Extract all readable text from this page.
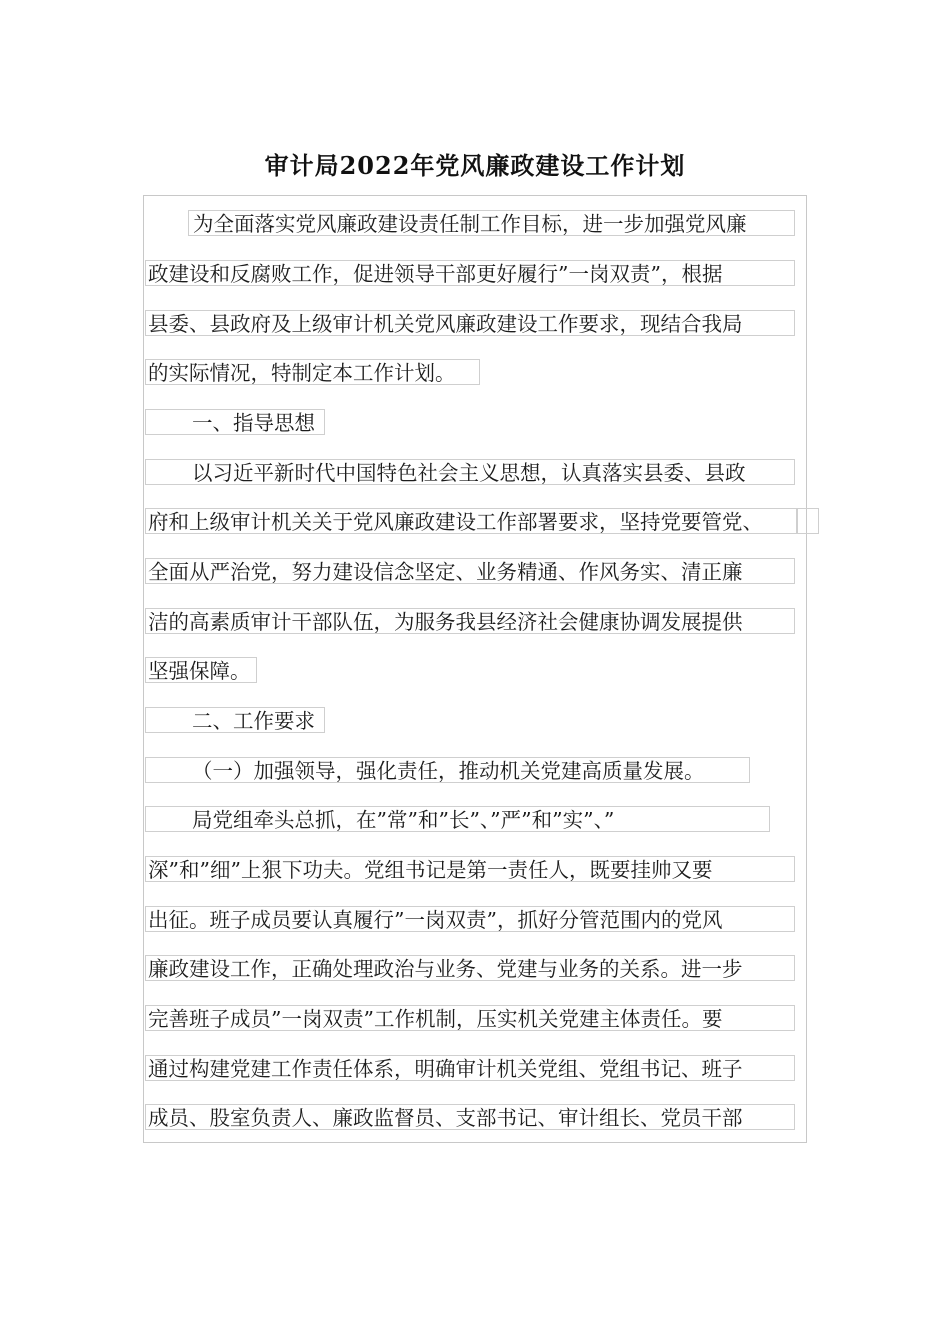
审计局2022年党风廉政建设工作计划
为全面落实党风廉政建设责任制工作目标，进一步加强党风廉
政建设和反腐败工作，促进领导干部更好履行”一岗双责”，根据
县委、县政府及上级审计机关党风廉政建设工作要求，现结合我局
的实际情况，特制定本工作计划。
一、指导思想
以习近平新时代中国特色社会主义思想，认真落实县委、县政
府和上级审计机关关于党风廉政建设工作部署要求，坚持党要管党、
全面从严治党，努力建设信念坚定、业务精通、作风务实、清正廉
洁的高素质审计干部队伍，为服务我县经济社会健康协调发展提供
坚强保障。
二、工作要求
（一）加强领导，强化责任，推动机关党建高质量发展。
局党组牵头总抓，在”常”和”长”、”严”和”实”、”
深”和”细”上狠下功夫。党组书记是第一责任人，既要挂帅又要
出征。班子成员要认真履行”一岗双责”，抓好分管范围内的党风
廉政建设工作，正确处理政治与业务、党建与业务的关系。进一步
完善班子成员”一岗双责”工作机制，压实机关党建主体责任。要
通过构建党建工作责任体系，明确审计机关党组、党组书记、班子
成员、股室负责人、廉政监督员、支部书记、审计组长、党员干部
